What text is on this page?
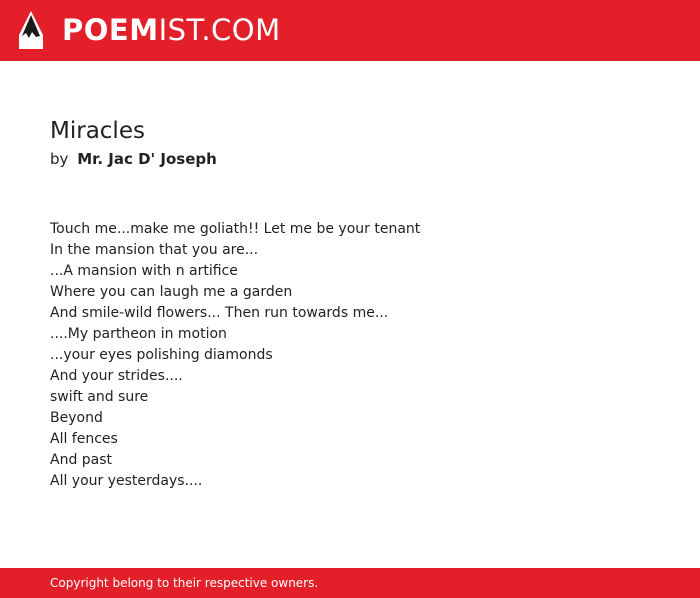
POEMIST.COM
Miracles
by Mr. Jac D' Joseph
Touch me...make me goliath!! Let me be your tenant
In the mansion that you are...
...A mansion with n artifice
Where you can laugh me a garden
And smile-wild flowers... Then run towards me...
....My partheon in motion
...your eyes polishing diamonds
And your strides....
swift and sure
Beyond
All fences
And past
All your yesterdays....
Copyright belong to their respective owners.
